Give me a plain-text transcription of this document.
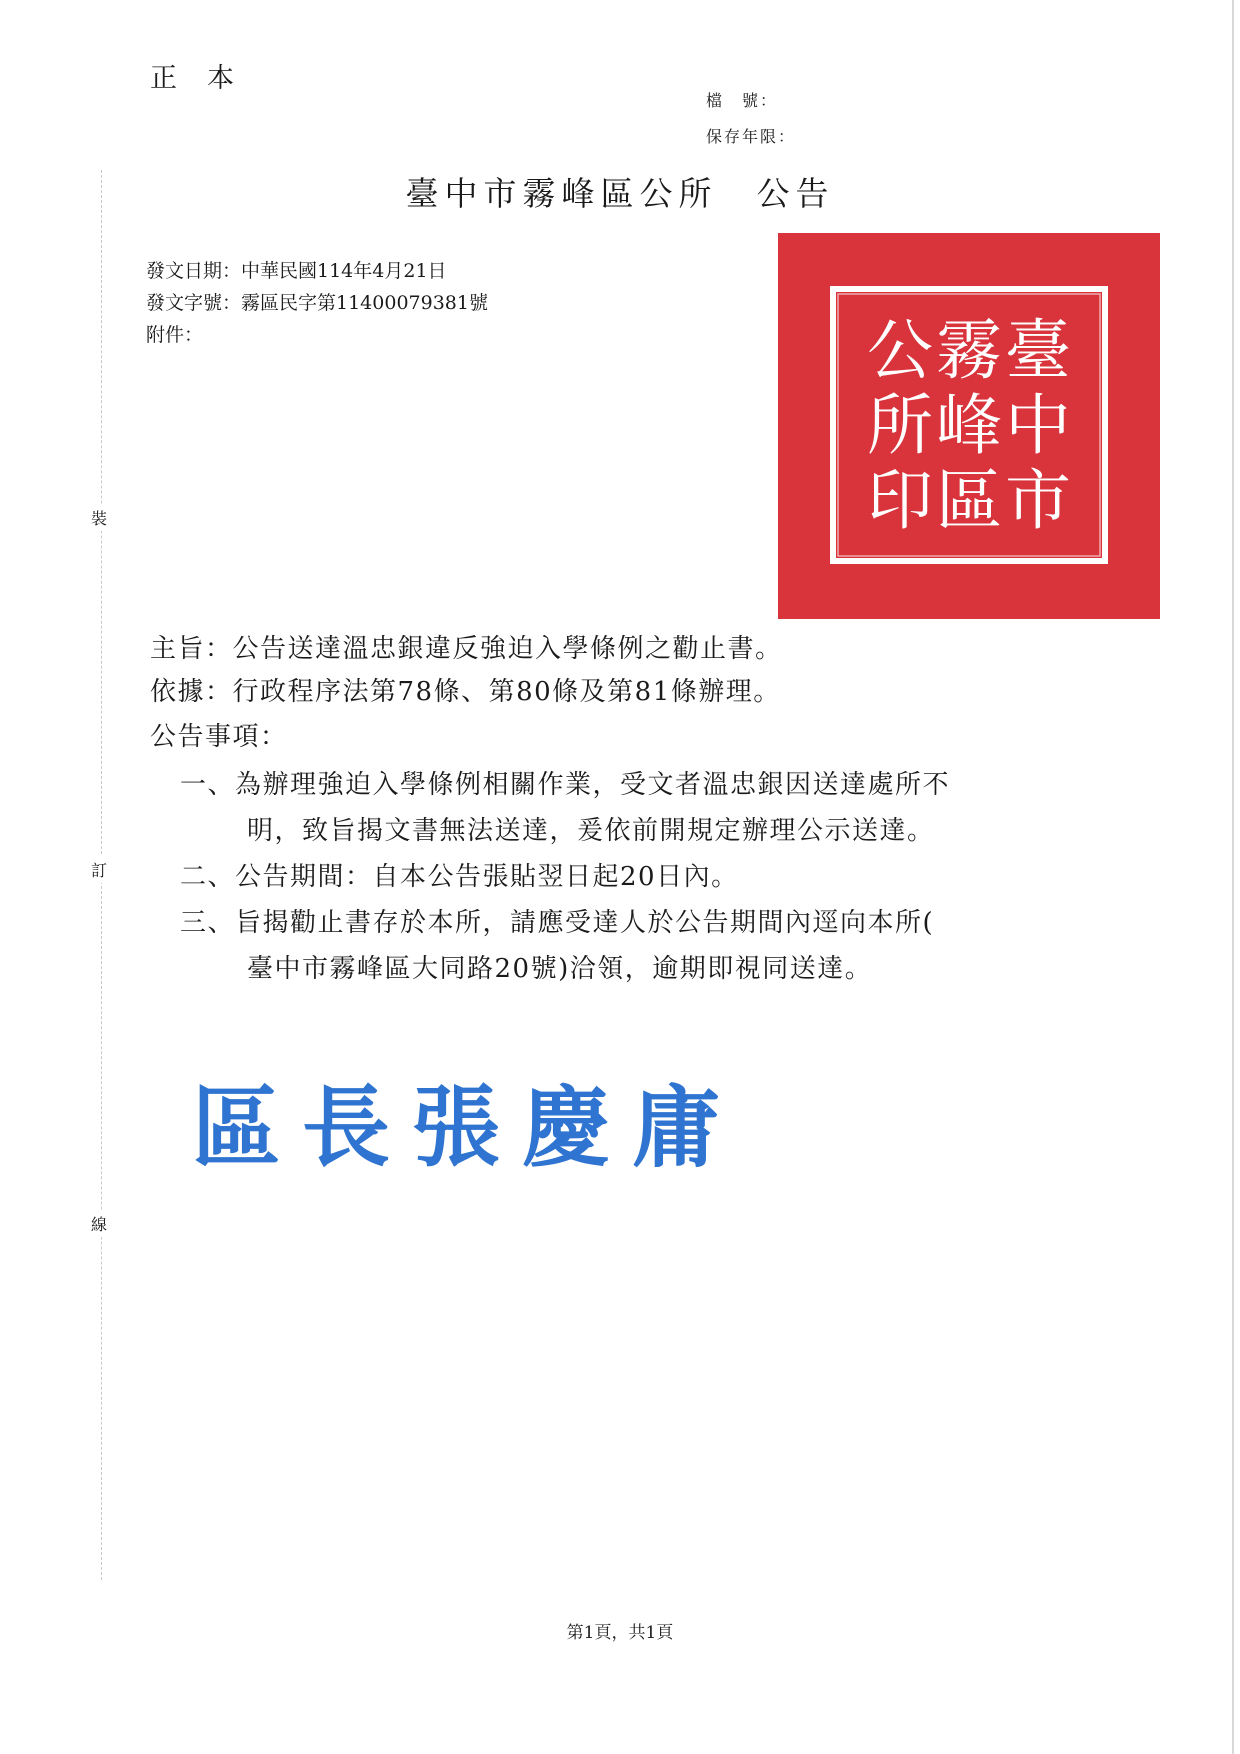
裝
訂
線
正本
檔　號：
保存年限：
臺中市霧峰區公所　公告
發文日期：中華民國114年4月21日
發文字號：霧區民字第11400079381號
附件：	臺
中
市
霧
峰
區
公
所
印
主旨：公告送達溫忠銀違反強迫入學條例之勸止書。
依據：行政程序法第78條、第80條及第81條辦理。
公告事項：
一、為辦理強迫入學條例相關作業，受文者溫忠銀因送達處所不
明，致旨揭文書無法送達，爰依前開規定辦理公示送達。
二、公告期間：自本公告張貼翌日起20日內。
三、旨揭勸止書存於本所，請應受達人於公告期間內逕向本所(
臺中市霧峰區大同路20號)洽領，逾期即視同送達。
區長張慶庸
第1頁，共1頁
